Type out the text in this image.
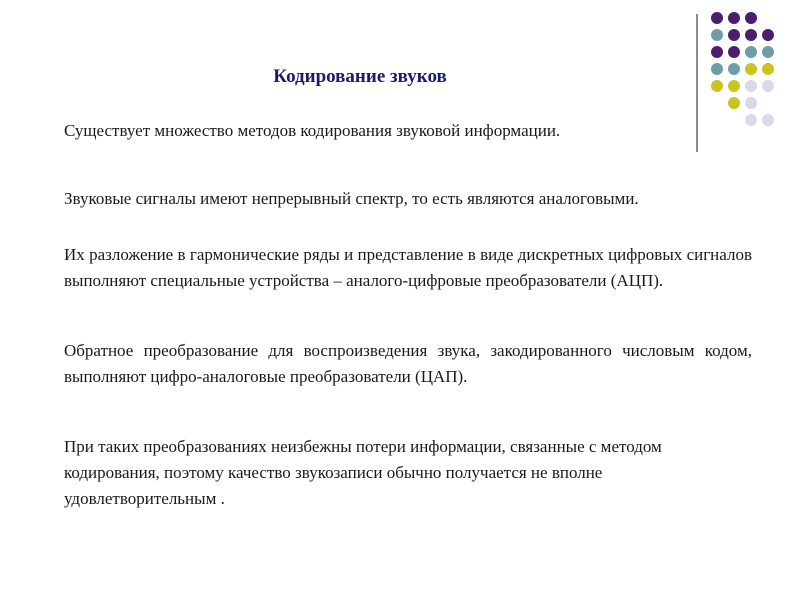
Кодирование звуков

Существует множество методов кодирования звуковой информации.

Звуковые сигналы имеют непрерывный спектр, то есть являются аналоговыми.

Их разложение в гармонические ряды и представление в виде дискретных цифровых сигналов выполняют специальные устройства – аналого-цифровые преобразователи (АЦП).

Обратное преобразование для воспроизведения звука, закодированного числовым кодом, выполняют цифро-аналоговые преобразователи (ЦАП).

При таких преобразованиях неизбежны потери информации, связанные с методом кодирования, поэтому качество звукозаписи обычно получается не вполне удовлетворительным .
